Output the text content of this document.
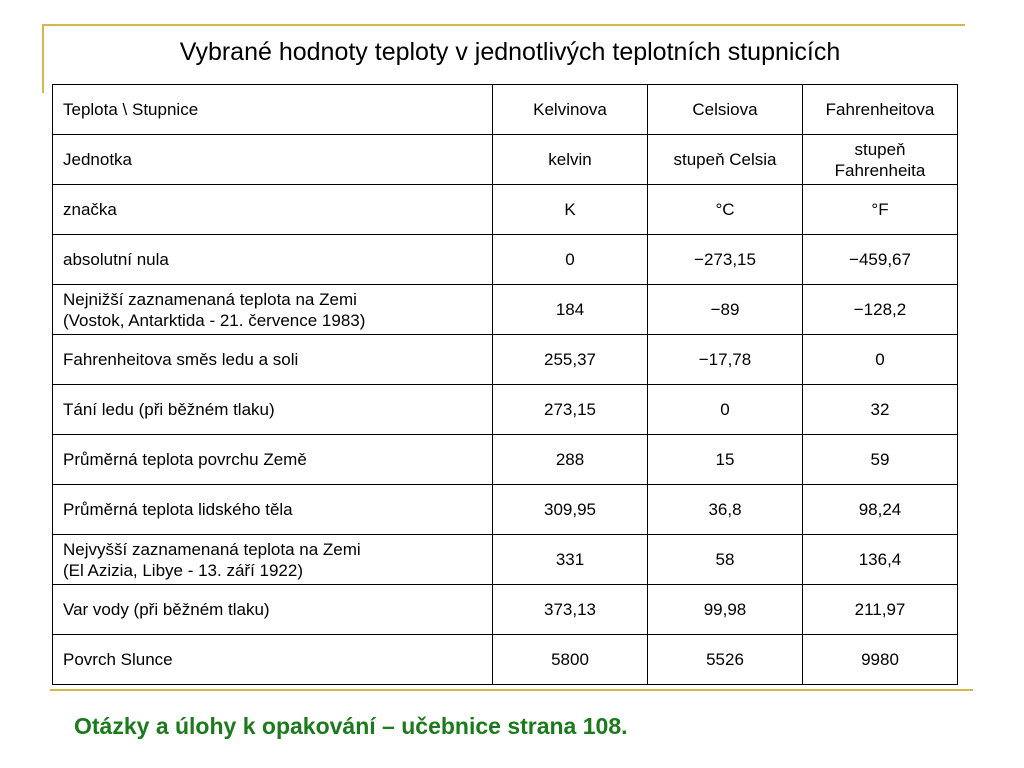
Vybrané hodnoty teploty v jednotlivých teplotních stupnicích
Teplota \ Stupnice	Kelvinova	Celsiova	Fahrenheitova

Jednotka	kelvin	stupeň Celsia	stupeň Fahrenheita

značka	K	°C	°F

absolutní nula	0	−273,15	−459,67

Nejnižší zaznamenaná teplota na Zemi
(Vostok, Antarktida - 21. července 1983)	184	−89	−128,2

Fahrenheitova směs ledu a soli	255,37	−17,78	0

Tání ledu (při běžném tlaku)	273,15	0	32

Průměrná teplota povrchu Země	288	15	59

Průměrná teplota lidského těla	309,95	36,8	98,24

Nejvyšší zaznamenaná teplota na Zemi
(El Azizia, Libye - 13. září 1922)	331	58	136,4

Var vody (při běžném tlaku)	373,13	99,98	211,97

Povrch Slunce	5800	5526	9980
Otázky a úlohy k opakování – učebnice strana 108.
